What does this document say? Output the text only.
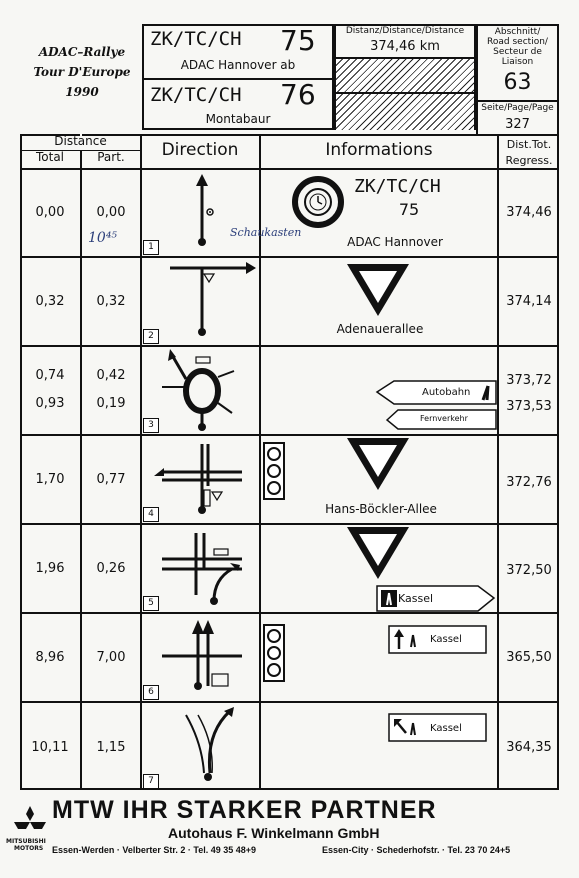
ADAC–Rallye
Tour D'Europe
1990
ZK/TC/CH 75
ADAC Hannover ab
ZK/TC/CH 76
Montabaur
Distanz/Distance/Distance
374,46 km
Abschnitt/
Road section/
Secteur de
Liaison
63
Seite/Page/Page
327
Distance
Total	Part.	Direction	Informations	Dist.Tot.
Regress.
0,00	0,00	374,46
10⁴⁵	Schaukasten
1
ZK/TC/CH
75
ADAC Hannover
0,32	0,32	374,14
2	Adenauerallee
0,74	0,42	373,72
0,93	0,19	373,53
3
Autobahn
Fernverkehr
1,70	0,77	372,76
4	Hans-Böckler-Allee
1,96	0,26	372,50
5	Kassel
8,96	7,00	365,50
6
Kassel
10,11	1,15	364,35
7
Kassel
MITSUBISHI
MOTORS
MTW IHR STARKER PARTNER
Autohaus F. Winkelmann GmbH
Essen-Werden · Velberter Str. 2 · Tel. 49 35 48+9	Essen-City · Schederhofstr. · Tel. 23 70 24+5
